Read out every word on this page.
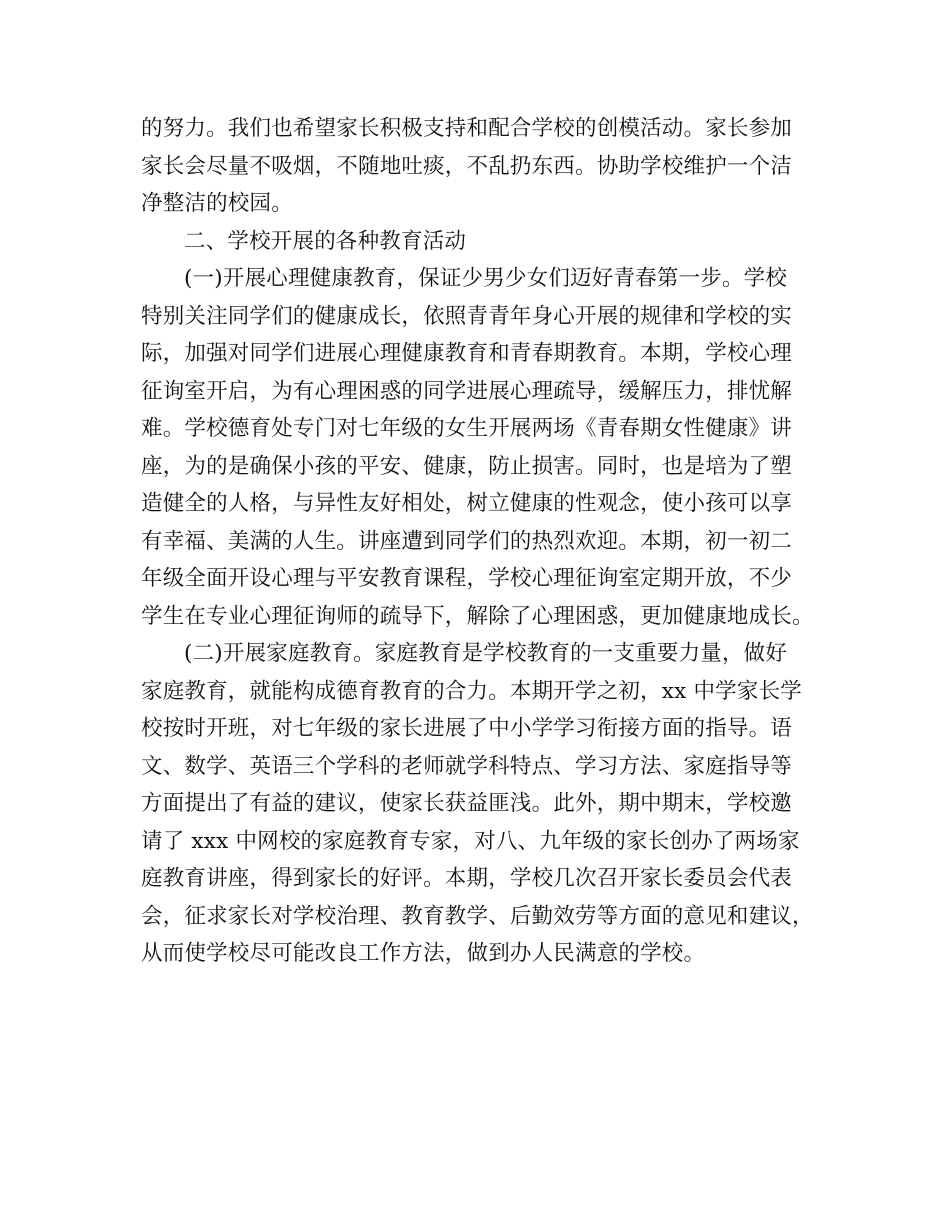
的努力。我们也希望家长积极支持和配合学校的创模活动。家长参加
家长会尽量不吸烟，不随地吐痰，不乱扔东西。协助学校维护一个洁
净整洁的校园。
二、学校开展的各种教育活动
(一)开展心理健康教育，保证少男少女们迈好青春第一步。学校
特别关注同学们的健康成长，依照青青年身心开展的规律和学校的实
际，加强对同学们进展心理健康教育和青春期教育。本期，学校心理
征询室开启，为有心理困惑的同学进展心理疏导，缓解压力，排忧解
难。学校德育处专门对七年级的女生开展两场《青春期女性健康》讲
座，为的是确保小孩的平安、健康，防止损害。同时，也是培为了塑
造健全的人格，与异性友好相处，树立健康的性观念，使小孩可以享
有幸福、美满的人生。讲座遭到同学们的热烈欢迎。本期，初一初二
年级全面开设心理与平安教育课程，学校心理征询室定期开放，不少
学生在专业心理征询师的疏导下，解除了心理困惑，更加健康地成长。
(二)开展家庭教育。家庭教育是学校教育的一支重要力量，做好
家庭教育，就能构成德育教育的合力。本期开学之初，xx 中学家长学
校按时开班，对七年级的家长进展了中小学学习衔接方面的指导。语
文、数学、英语三个学科的老师就学科特点、学习方法、家庭指导等
方面提出了有益的建议，使家长获益匪浅。此外，期中期末，学校邀
请了 xxx 中网校的家庭教育专家，对八、九年级的家长创办了两场家
庭教育讲座，得到家长的好评。本期，学校几次召开家长委员会代表
会，征求家长对学校治理、教育教学、后勤效劳等方面的意见和建议，
从而使学校尽可能改良工作方法，做到办人民满意的学校。
